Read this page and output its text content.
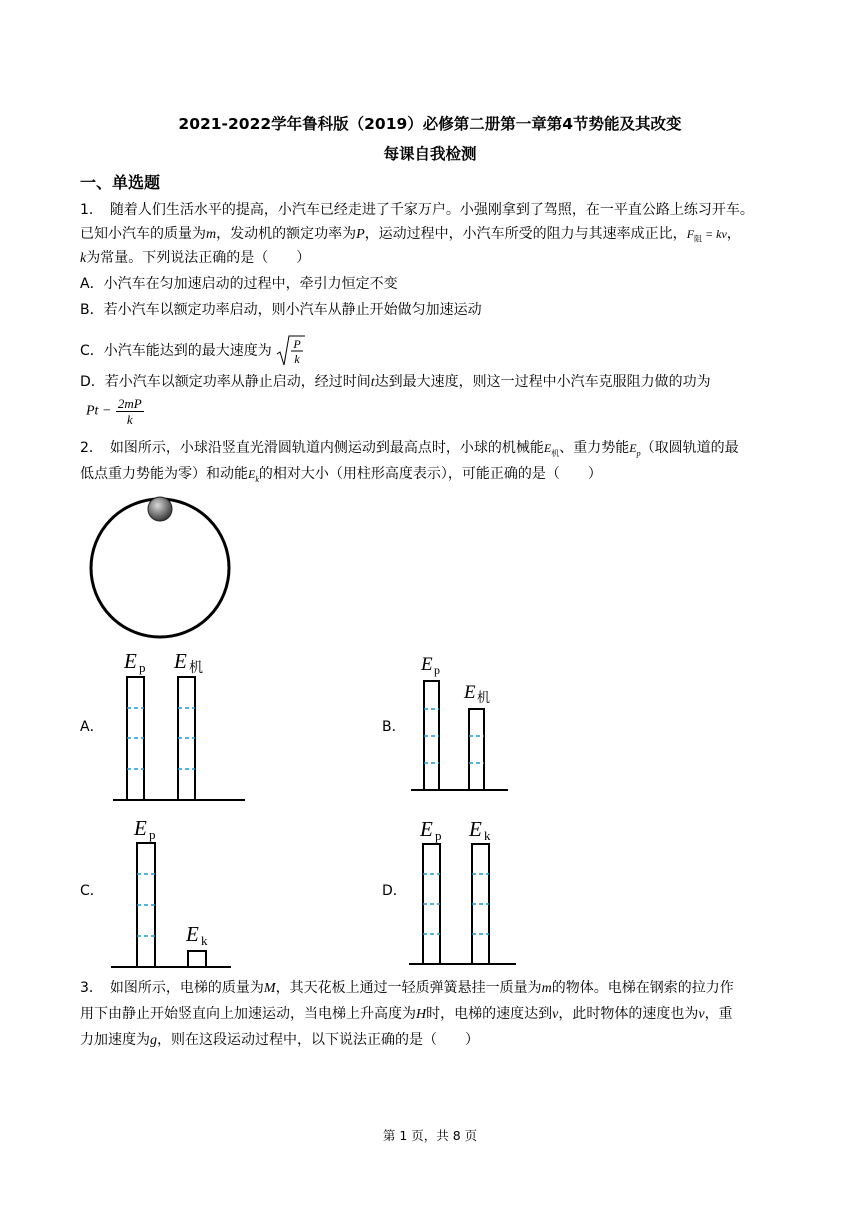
2021-2022学年鲁科版（2019）必修第二册第一章第4节势能及其改变
每课自我检测
一、单选题
1．　随着人们生活水平的提高，小汽车已经走进了千家万户。小强刚拿到了驾照，在一平直公路上练习开车。
已知小汽车的质量为m，发动机的额定功率为P，运动过程中，小汽车所受的阻力与其速率成正比，$F_阻$ = kv，
k为常量。下列说法正确的是（　　）
A．小汽车在匀加速启动的过程中，牵引力恒定不变
B．若小汽车以额定功率启动，则小汽车从静止开始做匀加速运动
C．小汽车能达到的最大速度为 P
k
D．若小汽车以额定功率从静止启动，经过时间t达到最大速度，则这一过程中小汽车克服阻力做的功为
$Pt - \frac{2mP}{k}$
2．　如图所示，小球沿竖直光滑圆轨道内侧运动到最高点时，小球的机械能$E_机$、重力势能$E_p$（取圆轨道的最
低点重力势能为零）和动能$E_k$的相对大小（用柱形高度表示），可能正确的是（　　）
A．
E p E 机
B．
E p
E 机
C．
E p
E k
D．
E p E k
3．　如图所示，电梯的质量为M，其天花板上通过一轻质弹簧悬挂一质量为m的物体。电梯在钢索的拉力作
用下由静止开始竖直向上加速运动，当电梯上升高度为H时，电梯的速度达到v，此时物体的速度也为v，重
力加速度为g，则在这段运动过程中，以下说法正确的是（　　）
第 1 页，共 8 页
